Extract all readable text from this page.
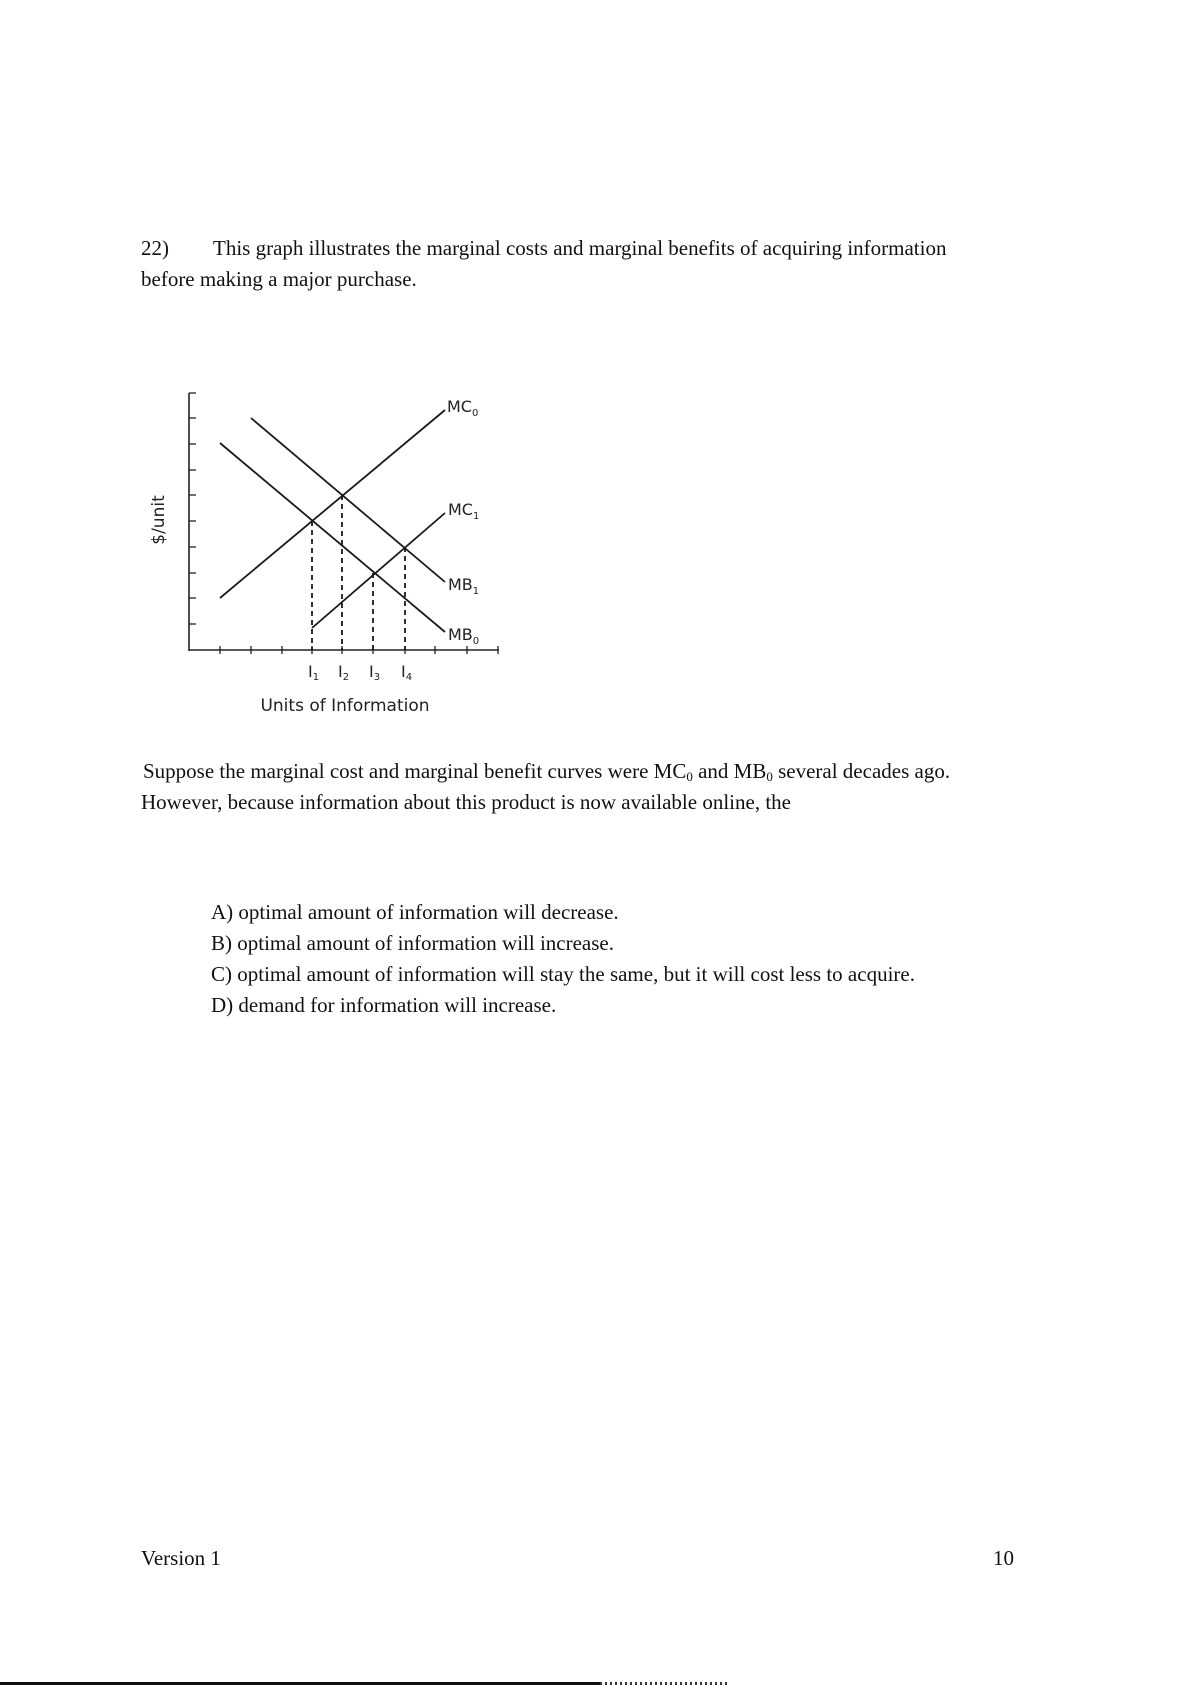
22) This graph illustrates the marginal costs and marginal benefits of acquiring information
before making a major purchase.
$MC_0$
$MC_1$
$MB_1$
$MB_0$
I1 I2 I3 I4
Units of Information
$/unit
Suppose the marginal cost and marginal benefit curves were $MC_0$ and $MB_0$ several decades ago.
However, because information about this product is now available online, the
A) optimal amount of information will decrease.
B) optimal amount of information will increase.
C) optimal amount of information will stay the same, but it will cost less to acquire.
D) demand for information will increase.
Version 1	10
